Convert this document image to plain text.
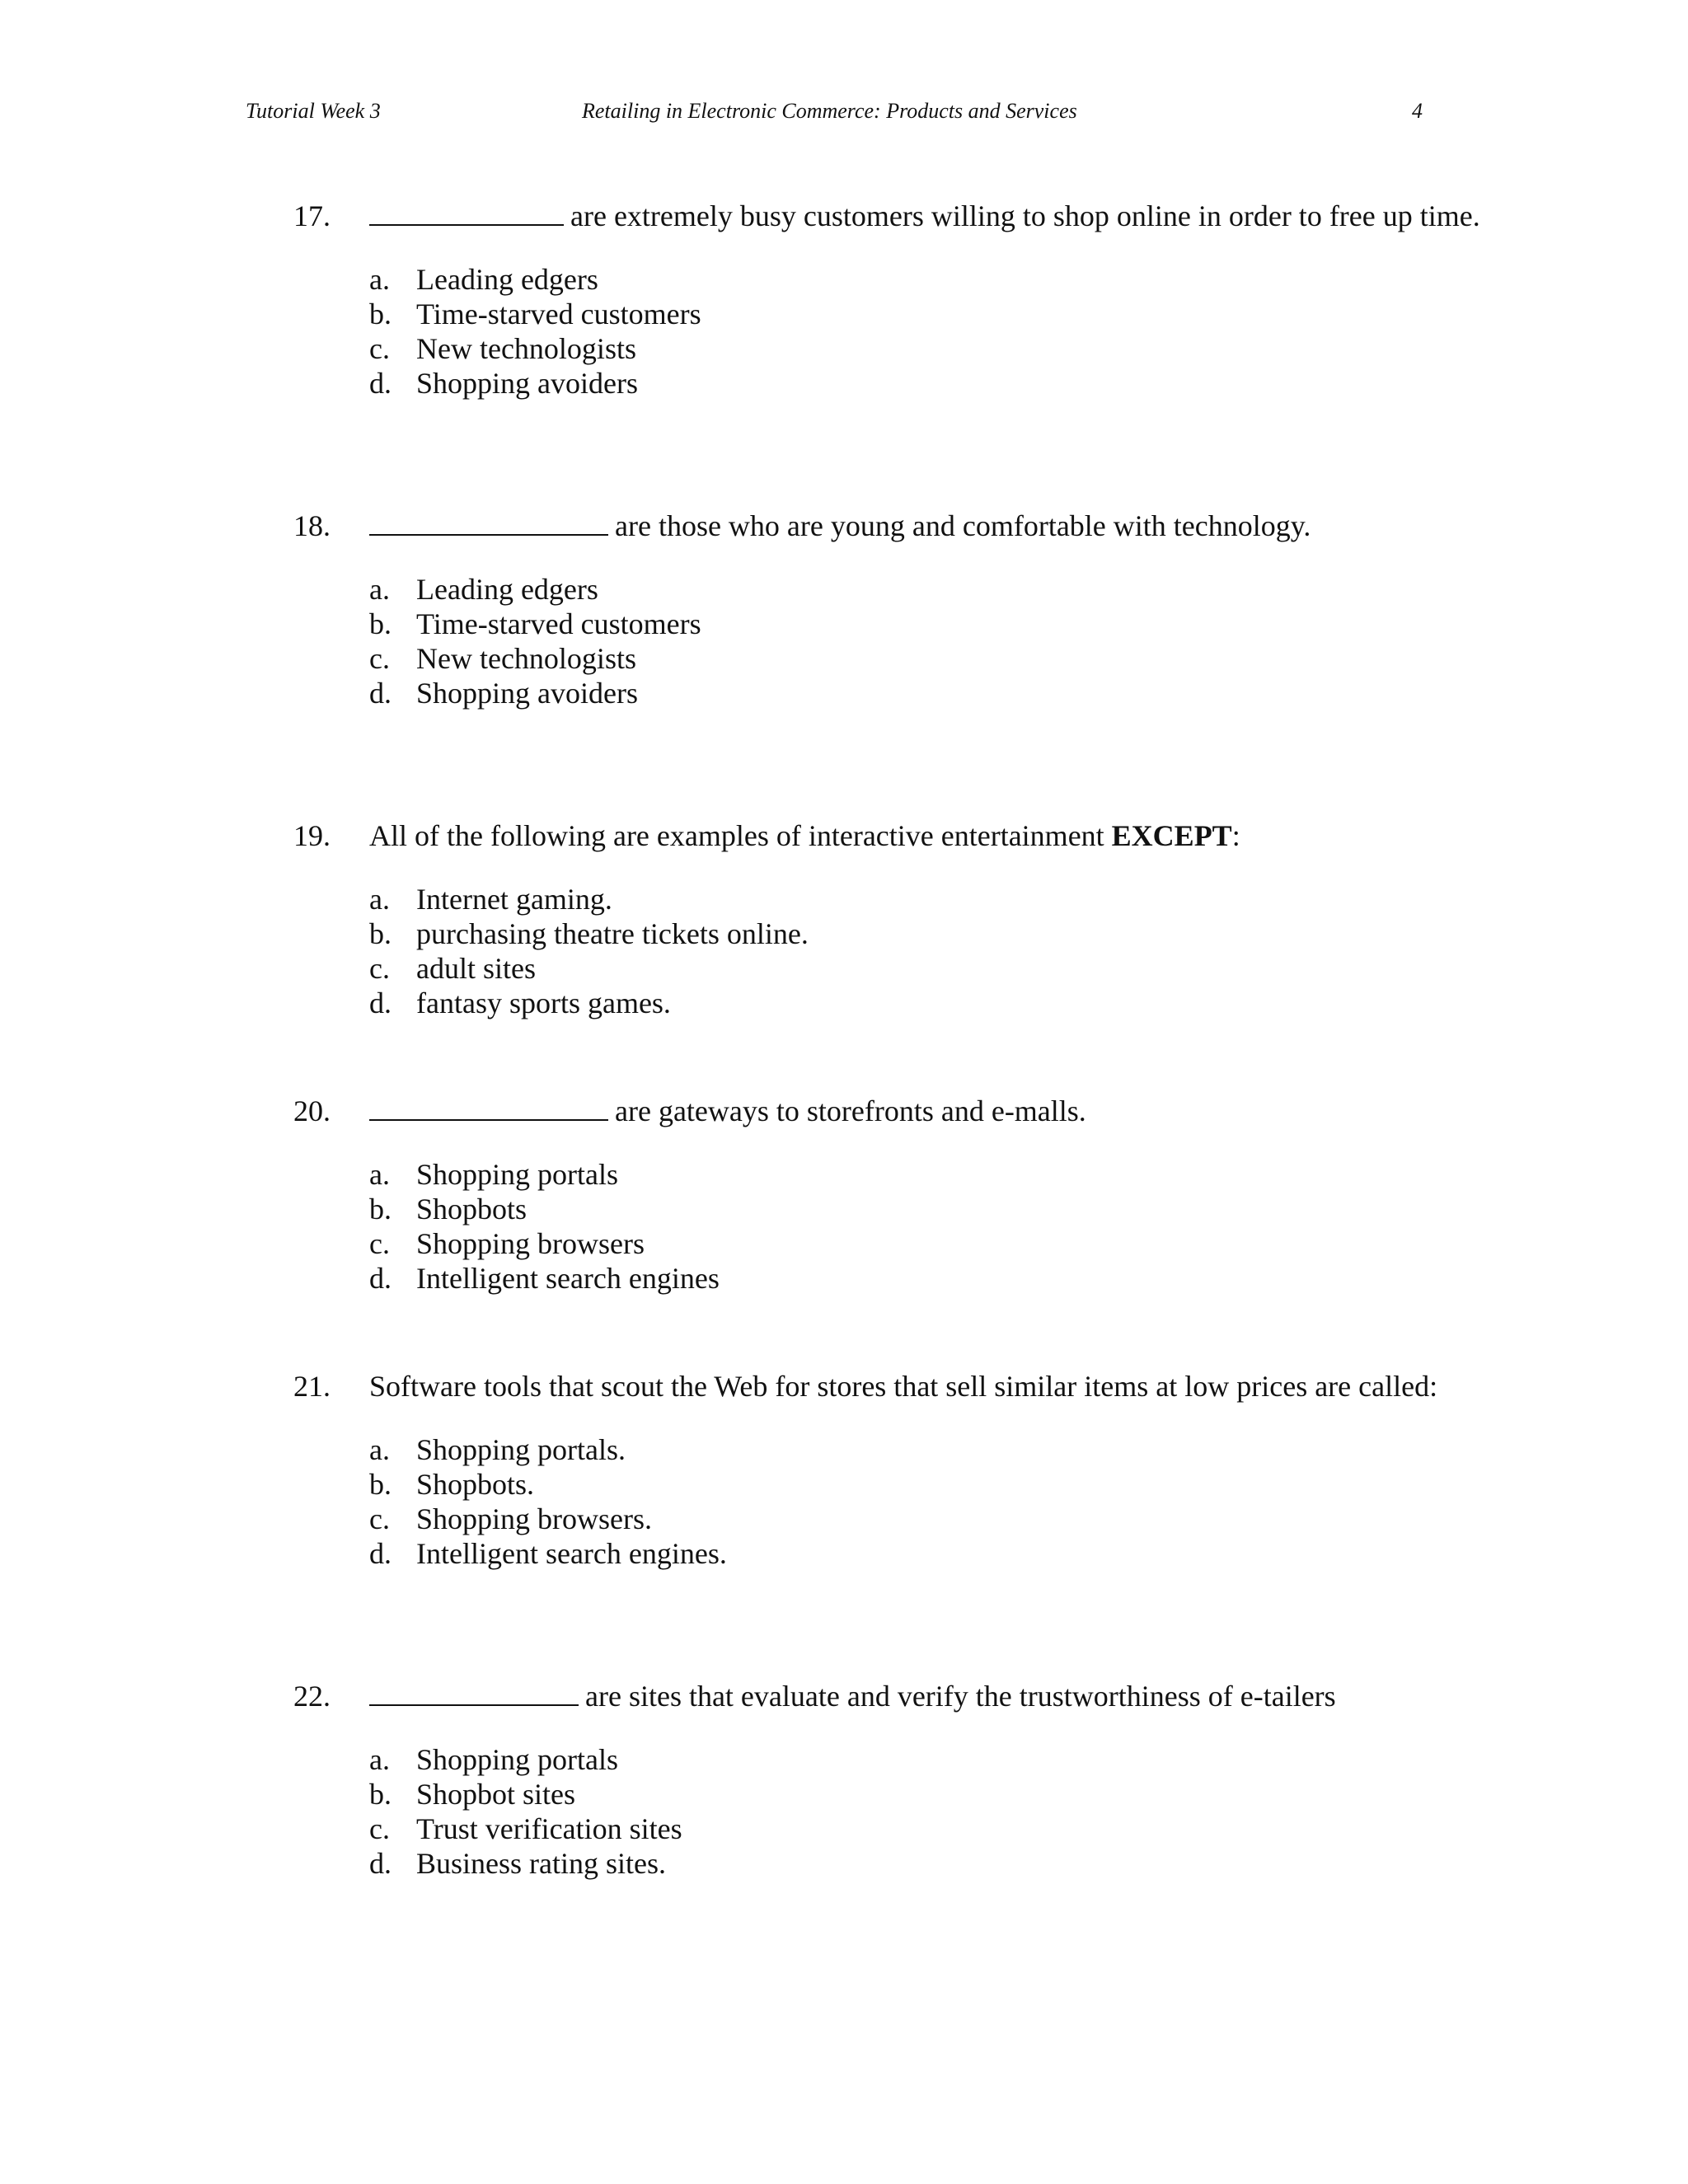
Tutorial Week 3	Retailing in Electronic Commerce: Products and Services	4
17.	are extremely busy customers willing to shop online in order to free up time.
a. Leading edgers
b. Time-starved customers
c. New technologists
d. Shopping avoiders
18.	are those who are young and comfortable with technology.
a. Leading edgers
b. Time-starved customers
c. New technologists
d. Shopping avoiders
19. All of the following are examples of interactive entertainment EXCEPT:
a. Internet gaming.
b. purchasing theatre tickets online.
c. adult sites
d. fantasy sports games.
20.	are gateways to storefronts and e-malls.
a. Shopping portals
b. Shopbots
c. Shopping browsers
d. Intelligent search engines
21. Software tools that scout the Web for stores that sell similar items at low prices are called:
a. Shopping portals.
b. Shopbots.
c. Shopping browsers.
d. Intelligent search engines.
22.	are sites that evaluate and verify the trustworthiness of e-tailers
a. Shopping portals
b. Shopbot sites
c. Trust verification sites
d. Business rating sites.
